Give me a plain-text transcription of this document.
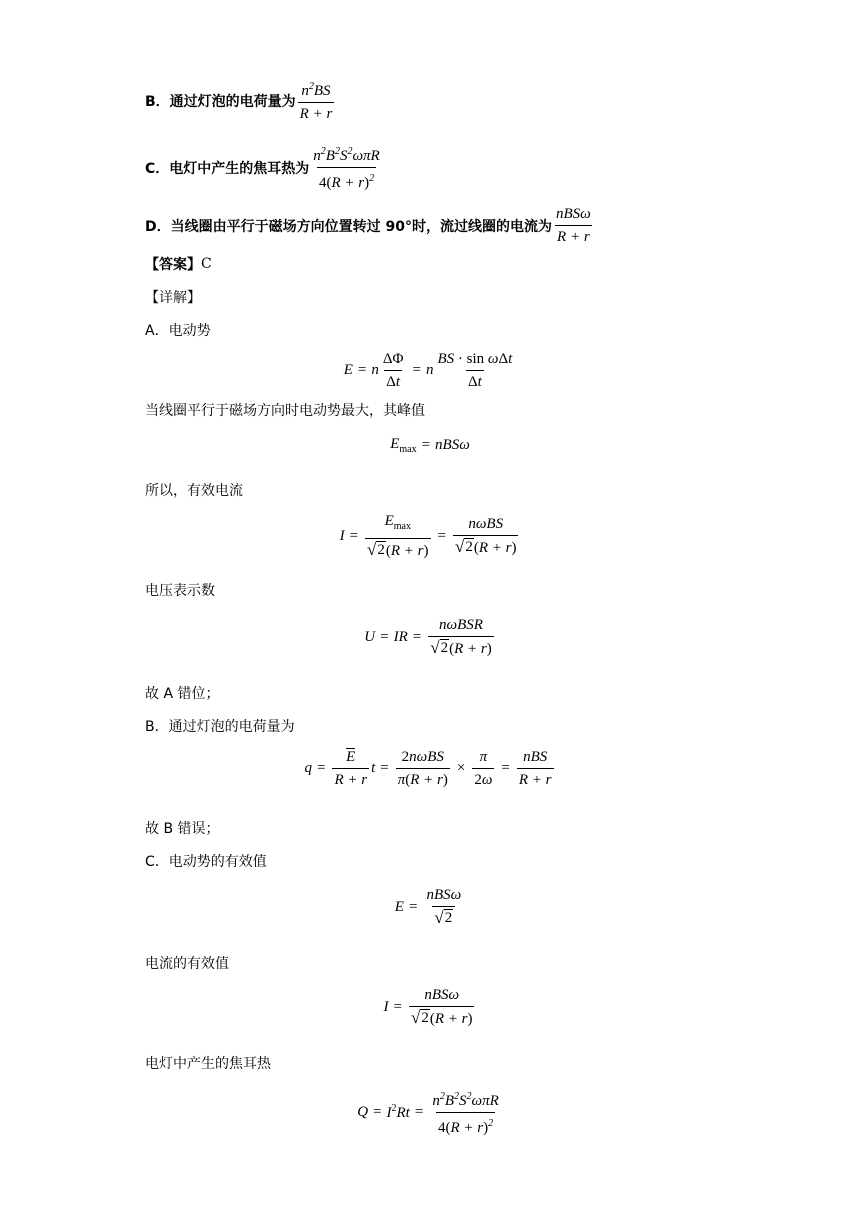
B．通过灯泡的电荷量为 $\frac{n^2BS}{R + r}$
C．电灯中产生的焦耳热为 $\frac{n^2B^2S^2\omega\pi R}{4(R + r)^2}$
D．当线圈由平行于磁场方向位置转过 90°时，流过线圈的电流为 $\frac{\text{nBSω}}{R + r}$
【答案】 C
【详解】
A．电动势
E = n $\frac{\Delta\Phi}{\Delta t} = n \frac{\text{BS · sin ωΔt}}{\Delta t}$
当线圈平行于磁场方向时电动势最大，其峰值
$E_{max} = nBS\omega$
所以，有效电流
$I = \frac{E_{max}}{√ 2 (R + r)} = \frac{\text{nωBS}}{√ 2 (R + r)}$
电压表示数
U = IR = $\frac{\text{nωBSR}}{√ 2 (R + r)}$
故 A 错位；
B．通过灯泡的电荷量为
$q = \frac{E}{R + r}$ $t = \frac{\text{2nωBS}}{\pi(R + r)} \times \frac{\pi}{2\omega} = \frac{\text{nBS}}{R + r}$
故 B 错误；
C．电动势的有效值
$E = \frac{\text{nBSω}}{√ 2}$
电流的有效值
$I = \frac{\text{nBSω}}{√ 2 (R + r)}$
电灯中产生的焦耳热
$Q = I^2Rt = \frac{n^2B^2S^2\omega\pi R}{4(R + r)^2}$
